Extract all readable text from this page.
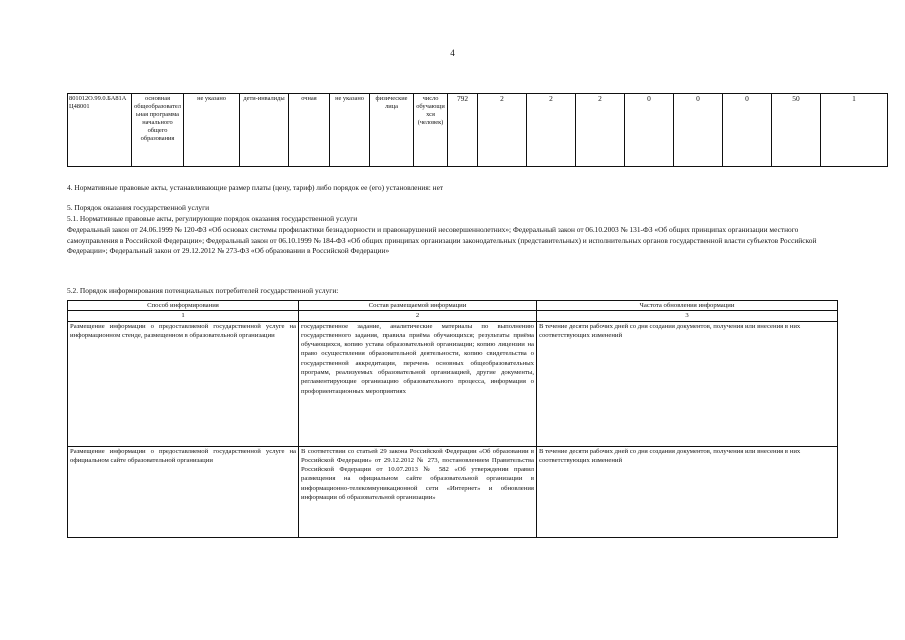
4
801012О.99.0.БА81АЦ48001	основная общеобразовательная программа начального общего образования	не указано	дети-инвалиды	очная	не указано	физические лица	число обучающихся (человек)	792	2	2	2	0	0	0	50	1
4. Нормативные правовые акты, устанавливающие размер платы (цену, тариф) либо порядок ее (его) установления: нет
5. Порядок оказания государственной услуги
5.1. Нормативные правовые акты, регулирующие порядок оказания государственной услуги
Федеральный закон от 24.06.1999 № 120-ФЗ «Об основах системы профилактики безнадзорности и правонарушений несовершеннолетних»; Федеральный закон от 06.10.2003 № 131-ФЗ «Об общих принципах организации местного самоуправления в Российской Федерации»; Федеральный закон от 06.10.1999 № 184-ФЗ «Об общих принципах организации законодательных (представительных) и исполнительных органов государственной власти субъектов Российской Федерации»; Федеральный закон от 29.12.2012 № 273-ФЗ «Об образовании в Российской Федерации»
5.2. Порядок информирования потенциальных потребителей государственной услуги:
Способ информирования	Состав размещаемой информации	Частота обновления информации
1	2	3
Размещение информации о предоставляемой государственной услуге на информационном стенде, размещенном в образовательной организации	государственное задание, аналитические материалы по выполнению государственного задания, правила приёма обучающихся; результаты приёма обучающихся, копию устава образовательной организации; копию лицензии на право осуществления образовательной деятельности, копию свидетельства о государственной аккредитации, перечень основных общеобразовательных программ, реализуемых образовательной организацией, другие документы, регламентирующие организацию образовательного процесса, информация о профориентационных мероприятиях	В течение десяти рабочих дней со дня создания документов, получения или внесения в них соответствующих изменений
Размещение информации о предоставляемой государственной услуге на официальном сайте образовательной организации	В соответствии со статьей 29 закона Российской Федерации «Об образовании в Российской Федерации» от 29.12.2012 № 273, постановлением Правительства Российской Федерации от 10.07.2013 № 582 «Об утверждении правил размещения на официальном сайте образовательной организации в информационно-телекоммуникационной сети «Интернет» и обновления информации об образовательной организации»	В течение десяти рабочих дней со дня создания документов, получения или внесения в них соответствующих изменений
